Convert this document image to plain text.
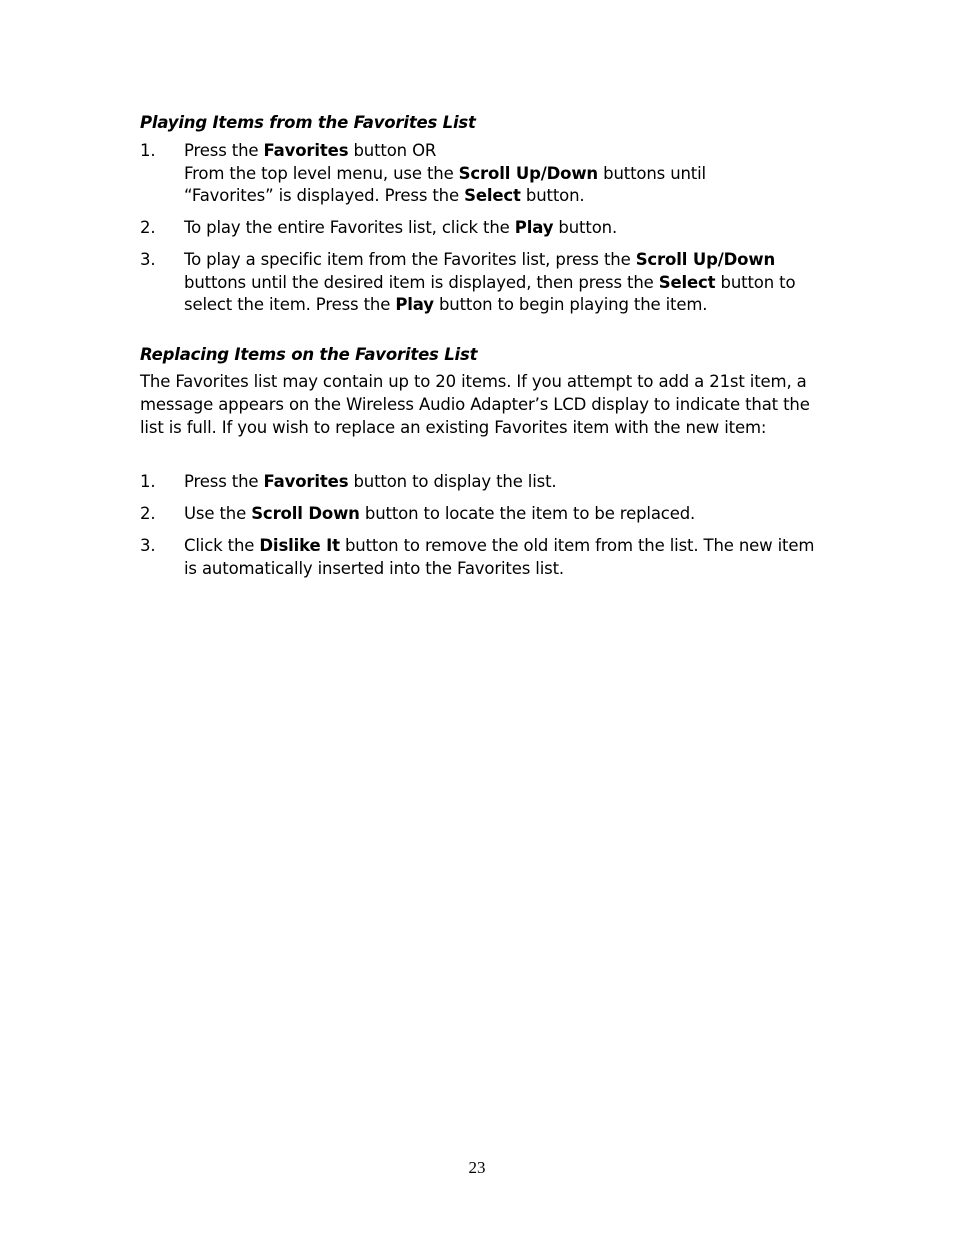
Playing Items from the Favorites List
1. Press the Favorites button OR
From the top level menu, use the Scroll Up/Down buttons until
“Favorites” is displayed. Press the Select button.
2. To play the entire Favorites list, click the Play button.
3. To play a specific item from the Favorites list, press the Scroll Up/Down buttons until the desired item is displayed, then press the Select button to select the item. Press the Play button to begin playing the item.
Replacing Items on the Favorites List

The Favorites list may contain up to 20 items. If you attempt to add a 21st item, a message appears on the Wireless Audio Adapter’s LCD display to indicate that the list is full. If you wish to replace an existing Favorites item with the new item:

1. Press the Favorites button to display the list.
2. Use the Scroll Down button to locate the item to be replaced.
3. Click the Dislike It button to remove the old item from the list. The new item is automatically inserted into the Favorites list.
23
